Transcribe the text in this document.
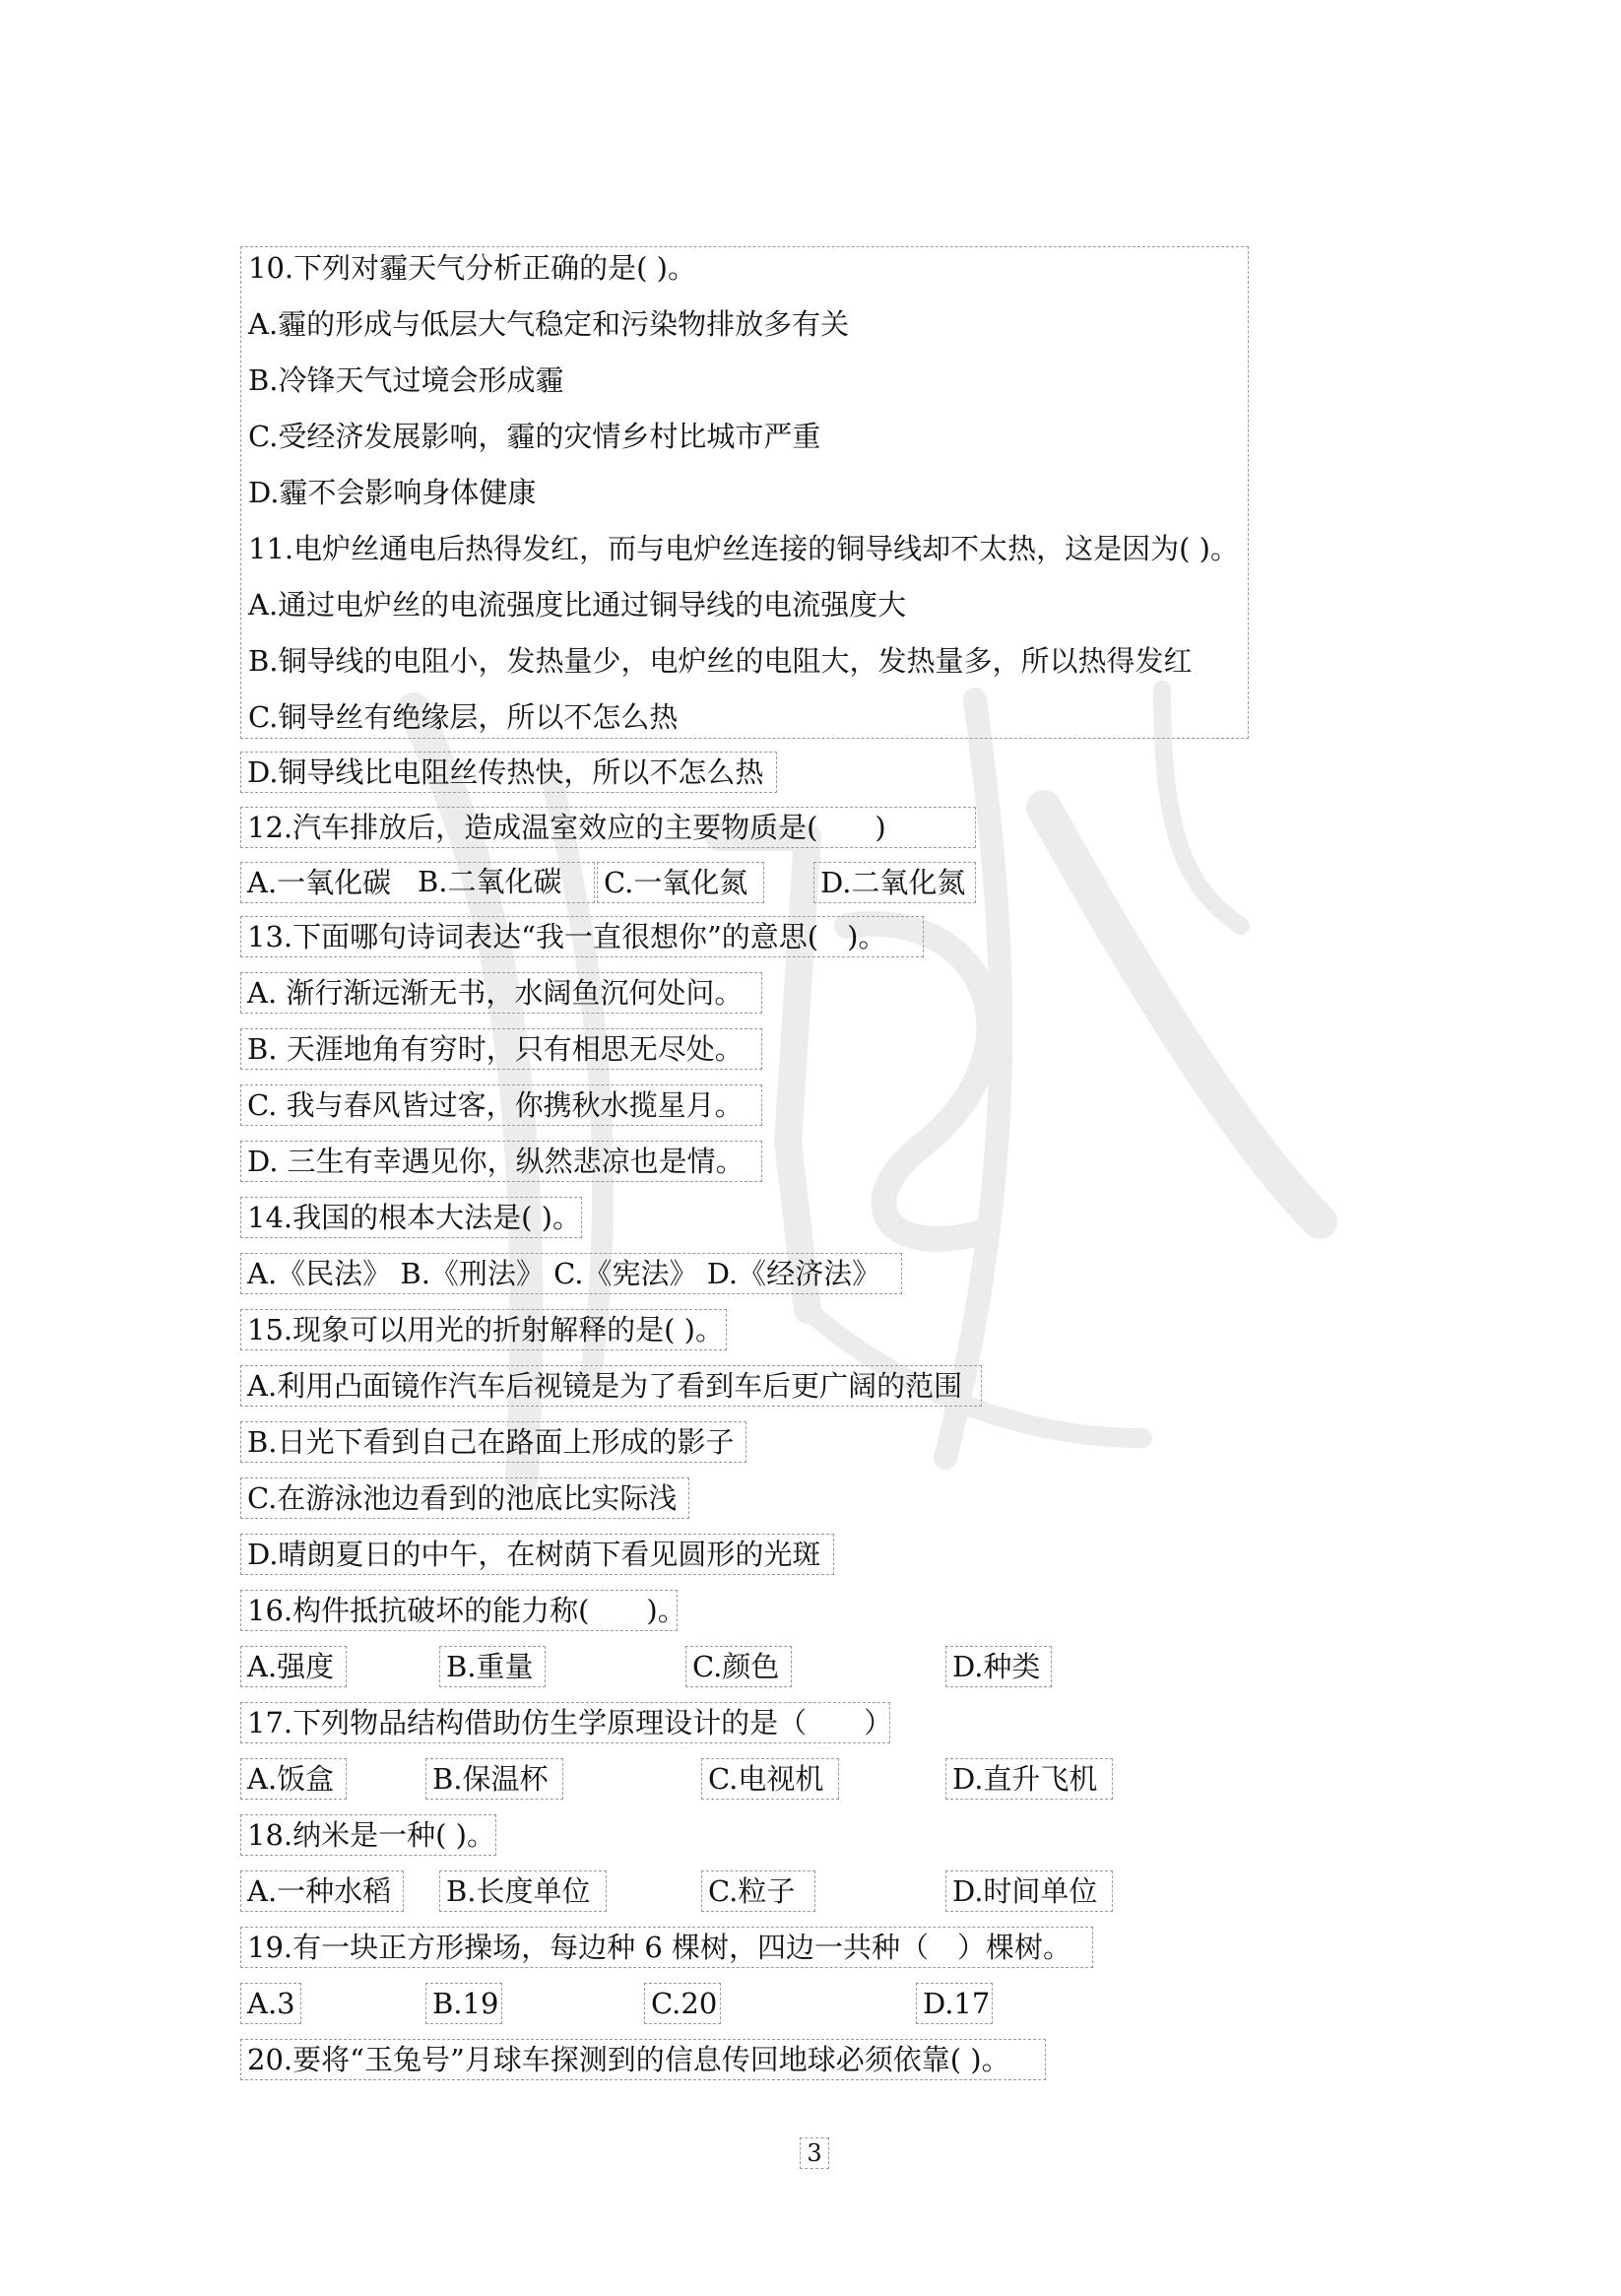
10.下列对霾天气分析正确的是( )。
A.霾的形成与低层大气稳定和污染物排放多有关
B.冷锋天气过境会形成霾
C.受经济发展影响，霾的灾情乡村比城市严重
D.霾不会影响身体健康
11.电炉丝通电后热得发红，而与电炉丝连接的铜导线却不太热，这是因为( )。
A.通过电炉丝的电流强度比通过铜导线的电流强度大
B.铜导线的电阻小，发热量少，电炉丝的电阻大，发热量多，所以热得发红
C.铜导丝有绝缘层，所以不怎么热
D.铜导线比电阻丝传热快，所以不怎么热
12.汽车排放后，造成温室效应的主要物质是(　　)
A.一氧化碳 B.二氧化碳 C.一氧化氮	D.二氧化氮
13.下面哪句诗词表达“我一直很想你”的意思(　)。
A. 渐行渐远渐无书，水阔鱼沉何处问。
B. 天涯地角有穷时，只有相思无尽处。
C. 我与春风皆过客，你携秋水揽星月。
D. 三生有幸遇见你，纵然悲凉也是情。
14.我国的根本大法是( )。
A.《民法》 B.《刑法》 C.《宪法》 D.《经济法》
15.现象可以用光的折射解释的是( )。
A.利用凸面镜作汽车后视镜是为了看到车后更广阔的范围
B.日光下看到自己在路面上形成的影子
C.在游泳池边看到的池底比实际浅
D.晴朗夏日的中午，在树荫下看见圆形的光斑
16.构件抵抗破坏的能力称(　　)。
A.强度	B.重量	C.颜色	D.种类
17.下列物品结构借助仿生学原理设计的是（　　）
A.饭盒	B.保温杯	C.电视机	D.直升飞机
18.纳米是一种( )。
A.一种水稻	B.长度单位	C.粒子	D.时间单位
19.有一块正方形操场，每边种 6 棵树，四边一共种（　）棵树。
A.3	B.19	C.20	D.17
20.要将“玉兔号”月球车探测到的信息传回地球必须依靠( )。
3
